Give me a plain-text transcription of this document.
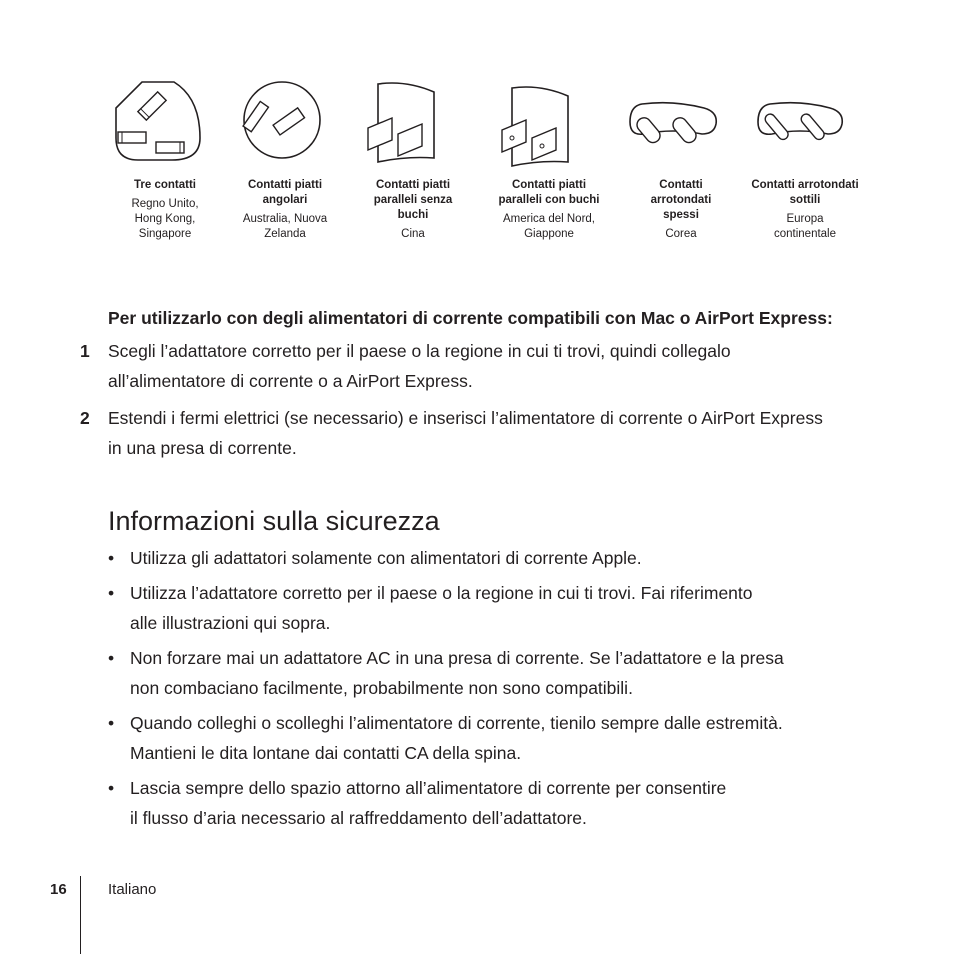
Tre contatti
Regno Unito, Hong Kong, Singapore
Contatti piatti angolari
Australia, Nuova Zelanda
Contatti piatti paralleli senza buchi
Cina
Contatti piatti paralleli con buchi
America del Nord, Giappone
Contatti arrotondati spessi
Corea
Contatti arrotondati sottili
Europa continentale
Per utilizzarlo con degli alimentatori di corrente compatibili con Mac o AirPort Express:
1 Scegli l’adattatore corretto per il paese o la regione in cui ti trovi, quindi collegalo
all’alimentatore di corrente o a AirPort Express.
2 Estendi i fermi elettrici (se necessario) e inserisci l’alimentatore di corrente o AirPort Express
in una presa di corrente.
Informazioni sulla sicurezza
• Utilizza gli adattatori solamente con alimentatori di corrente Apple.
• Utilizza l’adattatore corretto per il paese o la regione in cui ti trovi. Fai riferimento
alle illustrazioni qui sopra.
• Non forzare mai un adattatore AC in una presa di corrente. Se l’adattatore e la presa
non combaciano facilmente, probabilmente non sono compatibili.
• Quando colleghi o scolleghi l’alimentatore di corrente, tienilo sempre dalle estremità.
Mantieni le dita lontane dai contatti CA della spina.
• Lascia sempre dello spazio attorno all’alimentatore di corrente per consentire
il flusso d’aria necessario al raffreddamento dell’adattatore.
16	Italiano
